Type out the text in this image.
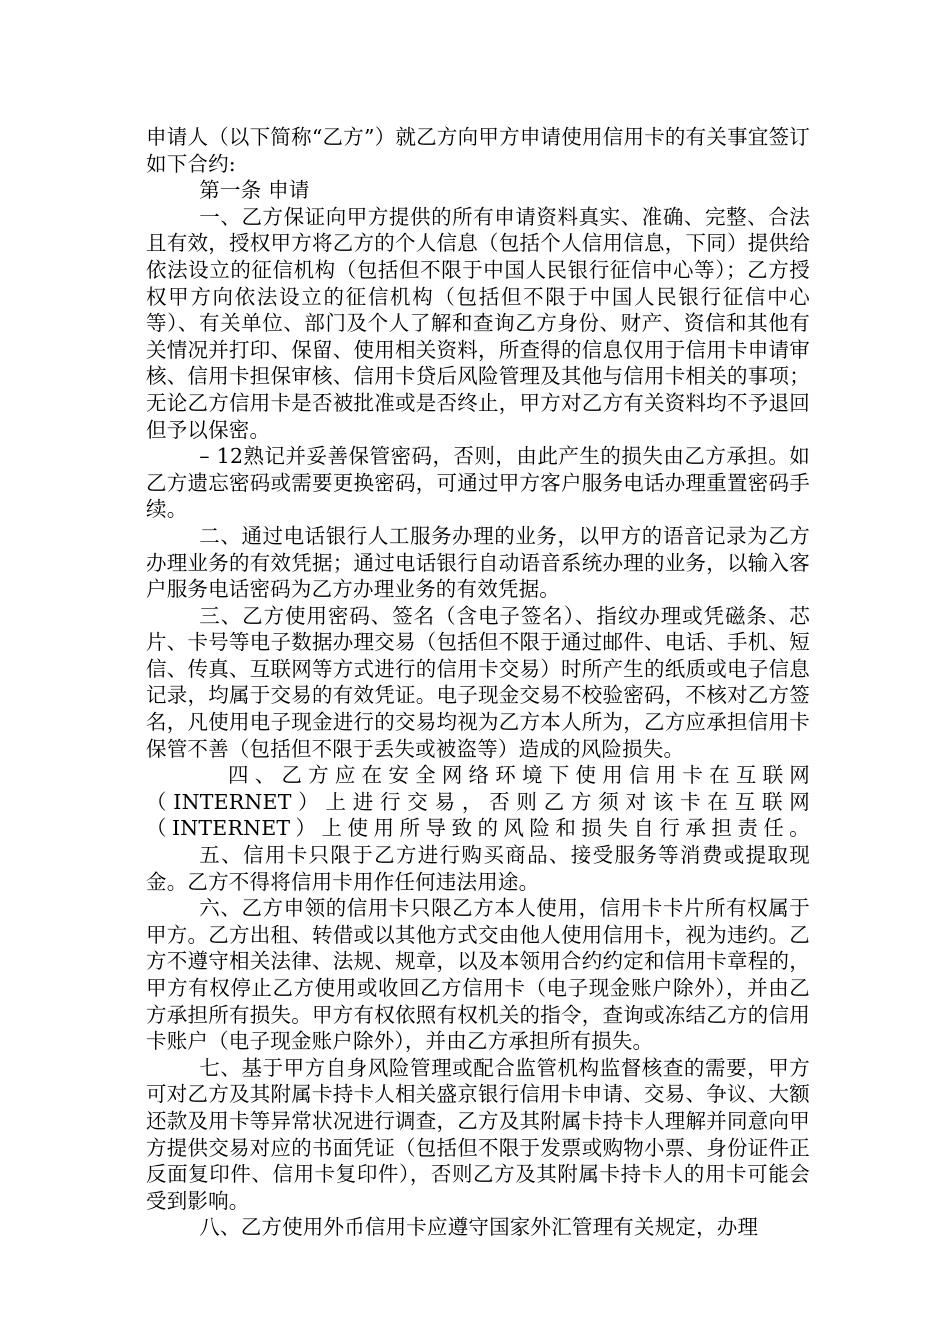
申请人（以下简称“乙方”）就乙方向甲方申请使用信用卡的有关事宜签订如下合约:

第一条 申请

一、乙方保证向甲方提供的所有申请资料真实、准确、完整、合法且有效，授权甲方将乙方的个人信息（包括个人信用信息，下同）提供给依法设立的征信机构（包括但不限于中国人民银行征信中心等）；乙方授权甲方向依法设立的征信机构（包括但不限于中国人民银行征信中心等）、有关单位、部门及个人了解和查询乙方身份、财产、资信和其他有关情况并打印、保留、使用相关资料，所查得的信息仅用于信用卡申请审核、信用卡担保审核、信用卡贷后风险管理及其他与信用卡相关的事项；无论乙方信用卡是否被批准或是否终止，甲方对乙方有关资料均不予退回但予以保密。

– 12熟记并妥善保管密码，否则，由此产生的损失由乙方承担。如乙方遗忘密码或需要更换密码，可通过甲方客户服务电话办理重置密码手续。

二、通过电话银行人工服务办理的业务，以甲方的语音记录为乙方办理业务的有效凭据；通过电话银行自动语音系统办理的业务，以输入客户服务电话密码为乙方办理业务的有效凭据。

三、乙方使用密码、签名（含电子签名）、指纹办理或凭磁条、芯片、卡号等电子数据办理交易（包括但不限于通过邮件、电话、手机、短信、传真、互联网等方式进行的信用卡交易）时所产生的纸质或电子信息记录，均属于交易的有效凭证。电子现金交易不校验密码，不核对乙方签名，凡使用电子现金进行的交易均视为乙方本人所为，乙方应承担信用卡保管不善（包括但不限于丢失或被盗等）造成的风险损失。

四、乙方应在安全网络环境下使用信用卡在互联网（INTERNET）上进行交易，否则乙方须对该卡在互联网（INTERNET）上使用所导致的风险和损失自行承担责任。

五、信用卡只限于乙方进行购买商品、接受服务等消费或提取现金。乙方不得将信用卡用作任何违法用途。

六、乙方申领的信用卡只限乙方本人使用，信用卡卡片所有权属于甲方。乙方出租、转借或以其他方式交由他人使用信用卡，视为违约。乙方不遵守相关法律、法规、规章，以及本领用合约约定和信用卡章程的，甲方有权停止乙方使用或收回乙方信用卡（电子现金账户除外），并由乙方承担所有损失。甲方有权依照有权机关的指令，查询或冻结乙方的信用卡账户（电子现金账户除外），并由乙方承担所有损失。

七、基于甲方自身风险管理或配合监管机构监督核查的需要，甲方可对乙方及其附属卡持卡人相关盛京银行信用卡申请、交易、争议、大额还款及用卡等异常状况进行调查，乙方及其附属卡持卡人理解并同意向甲方提供交易对应的书面凭证（包括但不限于发票或购物小票、身份证件正反面复印件、信用卡复印件），否则乙方及其附属卡持卡人的用卡可能会受到影响。

八、乙方使用外币信用卡应遵守国家外汇管理有关规定，办理
